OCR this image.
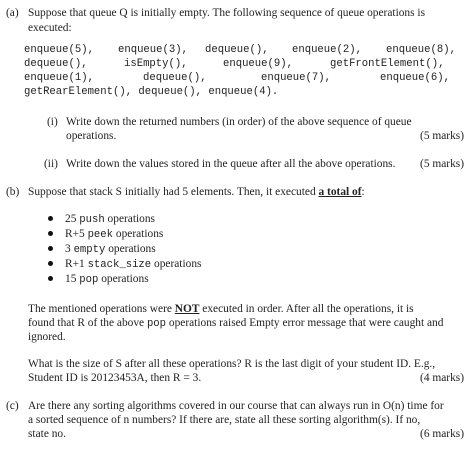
(a) Suppose that queue Q is initially empty. The following sequence of queue operations is
executed:
enqueue(5), enqueue(3), dequeue(), enqueue(2), enqueue(8),
dequeue(),	isEmpty(),	enqueue(9),	getFrontElement(),
enqueue(1),	dequeue(),	enqueue(7),	enqueue(6),
getRearElement(), dequeue(), enqueue(4).
(i) Write down the returned numbers (in order) of the above sequence of queue
operations.	(5 marks)
(ii) Write down the values stored in the queue after all the above operations. (5 marks)
(b) Suppose that stack S initially had 5 elements. Then, it executed a total of:
25 push operations
R+5 peek operations
3 empty operations
R+1 stack_size operations
15 pop operations
The mentioned operations were NOT executed in order. After all the operations, it is
found that R of the above pop operations raised Empty error message that were caught and
ignored.
What is the size of S after all these operations? R is the last digit of your student ID. E.g.,
Student ID is 20123453A, then R = 3.	(4 marks)
(c) Are there any sorting algorithms covered in our course that can always run in O(n) time for
a sorted sequence of n numbers? If there are, state all these sorting algorithm(s). If no,
state no.	(6 marks)
